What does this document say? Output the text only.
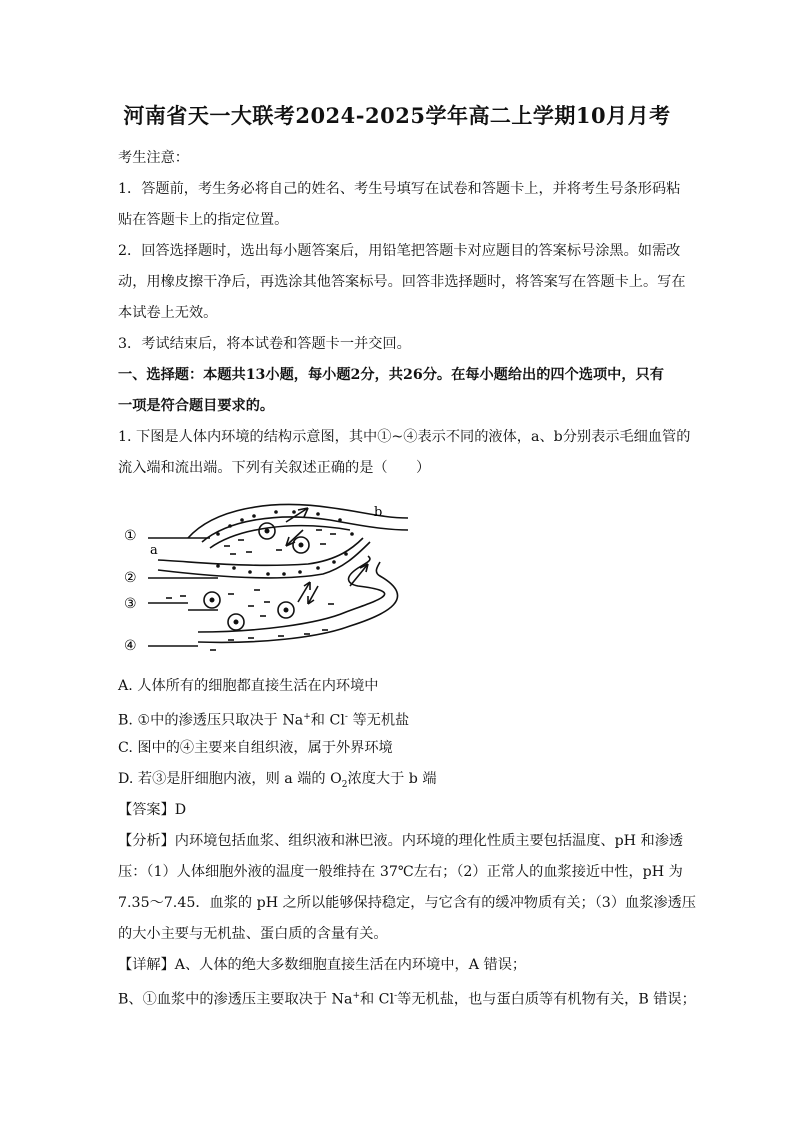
河南省天一大联考2024-2025学年高二上学期10月月考
考生注意：
1．答题前，考生务必将自己的姓名、考生号填写在试卷和答题卡上，并将考生号条形码粘
贴在答题卡上的指定位置。
2．回答选择题时，选出每小题答案后，用铅笔把答题卡对应题目的答案标号涂黑。如需改
动，用橡皮擦干净后，再选涂其他答案标号。回答非选择题时，将答案写在答题卡上。写在
本试卷上无效。
3．考试结束后，将本试卷和答题卡一并交回。
一、选择题：本题共13小题，每小题2分，共26分。在每小题给出的四个选项中，只有
一项是符合题目要求的。
1. 下图是人体内环境的结构示意图，其中①~④表示不同的液体，a、b分别表示毛细血管的
流入端和流出端。下列有关叙述正确的是（　　）
①
a
b
②
③
④
A. 人体所有的细胞都直接生活在内环境中
B. ①中的渗透压只取决于 Na+和 Cl- 等无机盐
C. 图中的④主要来自组织液，属于外界环境
D. 若③是肝细胞内液，则 a 端的 $O_2$浓度大于 b 端
【答案】D
【分析】内环境包括血浆、组织液和淋巴液。内环境的理化性质主要包括温度、pH 和渗透
压：（1）人体细胞外液的温度一般维持在 37℃左右；（2）正常人的血浆接近中性，pH 为
7.35～7.45．血浆的 pH 之所以能够保持稳定，与它含有的缓冲物质有关；（3）血浆渗透压
的大小主要与无机盐、蛋白质的含量有关。
【详解】A、人体的绝大多数细胞直接生活在内环境中，A 错误；
B、①血浆中的渗透压主要取决于 Na+和 Cl-等无机盐，也与蛋白质等有机物有关，B 错误；
